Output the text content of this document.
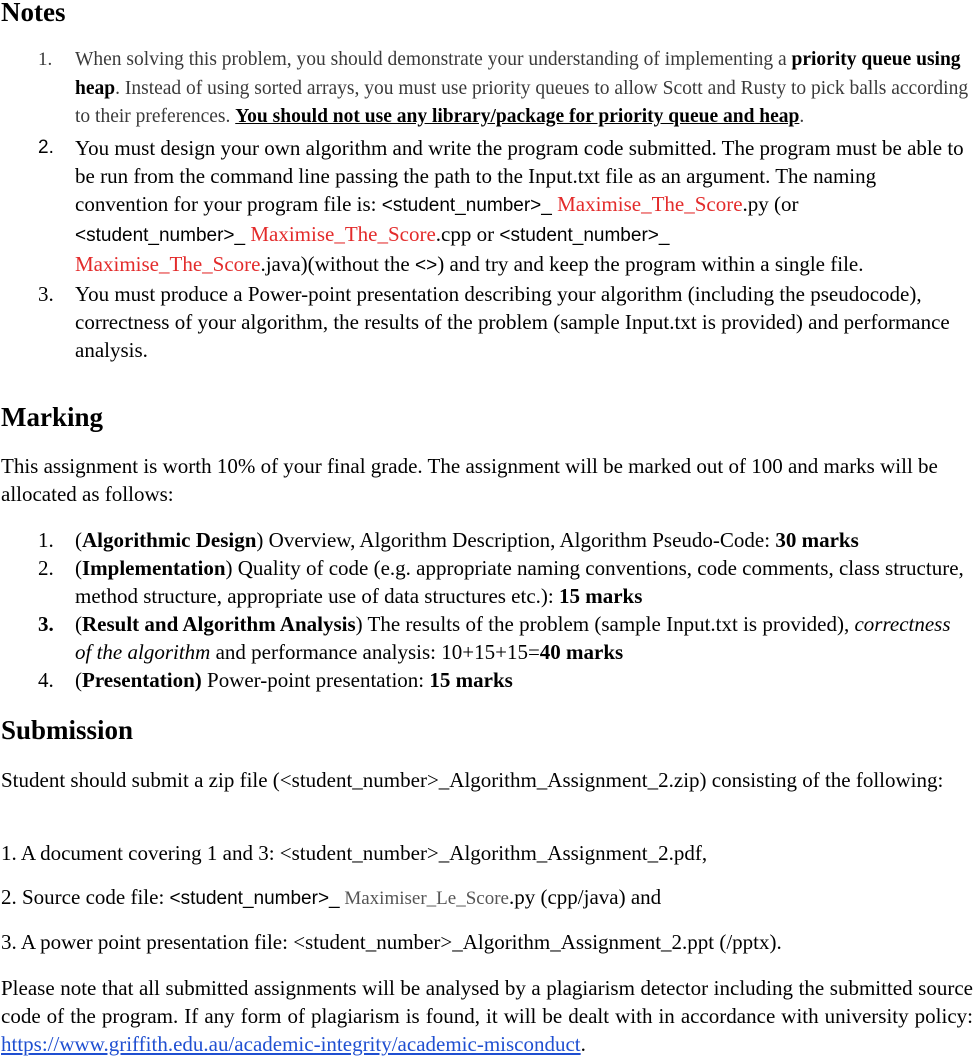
Notes
1. When solving this problem, you should demonstrate your understanding of implementing a priority queue using heap. Instead of using sorted arrays, you must use priority queues to allow Scott and Rusty to pick balls according to their preferences. You should not use any library/package for priority queue and heap.
2. You must design your own algorithm and write the program code submitted. The program must be able to be run from the command line passing the path to the Input.txt file as an argument. The naming convention for your program file is: <student_number>_ Maximise_The_Score.py (or <student_number>_ Maximise_The_Score.cpp or <student_number>_
Maximise_The_Score.java)(without the <>) and try and keep the program within a single file.
3. You must produce a Power-point presentation describing your algorithm (including the pseudocode), correctness of your algorithm, the results of the problem (sample Input.txt is provided) and performance analysis.
Marking

This assignment is worth 10% of your final grade. The assignment will be marked out of 100 and marks will be allocated as follows:

1. (Algorithmic Design) Overview, Algorithm Description, Algorithm Pseudo-Code: 30 marks
2. (Implementation) Quality of code (e.g. appropriate naming conventions, code comments, class structure, method structure, appropriate use of data structures etc.): 15 marks
3. (Result and Algorithm Analysis) The results of the problem (sample Input.txt is provided), correctness of the algorithm and performance analysis: 10+15+15=40 marks
4. (Presentation) Power-point presentation: 15 marks
Submission

Student should submit a zip file (<student_number>_Algorithm_Assignment_2.zip) consisting of the following:

1. A document covering 1 and 3: <student_number>_Algorithm_Assignment_2.pdf,

2. Source code file: <student_number>_ Maximiser_Le_Score.py (cpp/java) and

3. A power point presentation file: <student_number>_Algorithm_Assignment_2.ppt (/pptx).

Please note that all submitted assignments will be analysed by a plagiarism detector including the submitted source code of the program. If any form of plagiarism is found, it will be dealt with in accordance with university policy: https://www.griffith.edu.au/academic-integrity/academic-misconduct.
